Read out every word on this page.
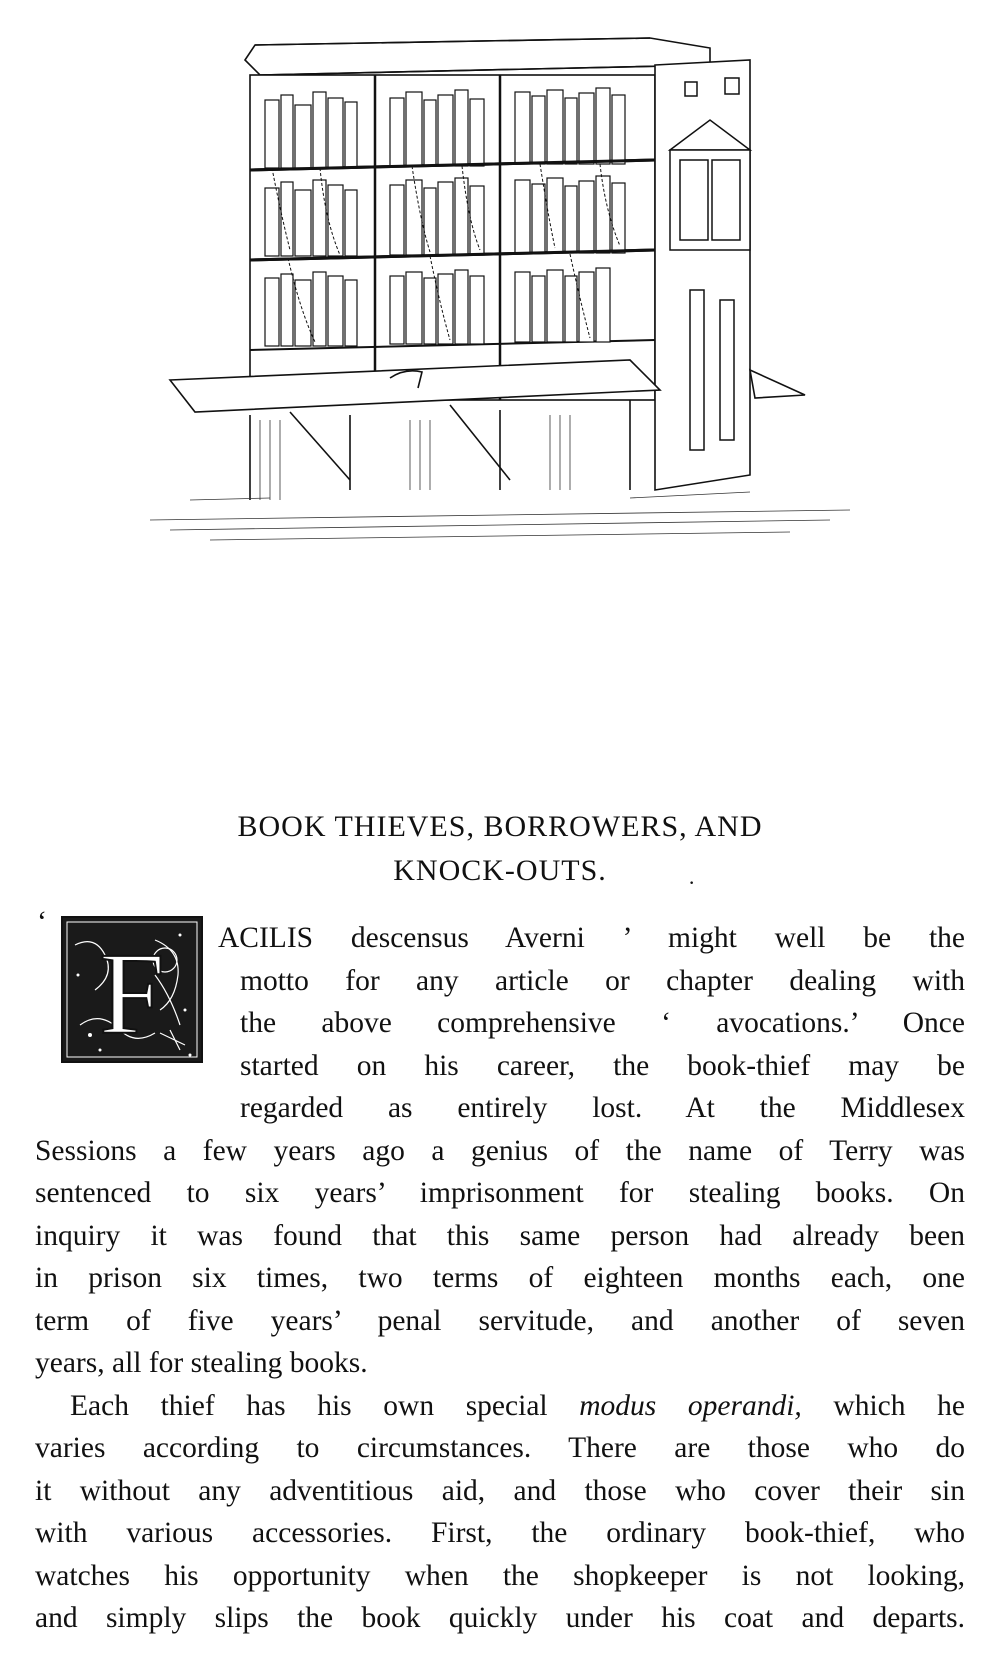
BOOK THIEVES, BORROWERS, AND
KNOCK-OUTS.	·
‘
F	ACILIS descensus Averni ’ might well be the
motto for any article or chapter dealing with
the above comprehensive ‘ avocations.’ Once
started on his career, the book-thief may be
regarded as entirely lost. At the Middlesex
Sessions a few years ago a genius of the name of Terry was
sentenced to six years’ imprisonment for stealing books. On
inquiry it was found that this same person had already been
in prison six times, two terms of eighteen months each, one
term of five years’ penal servitude, and another of seven
years, all for stealing books.
Each thief has his own special modus operandi, which he
varies according to circumstances. There are those who do
it without any adventitious aid, and those who cover their sin
with various accessories. First, the ordinary book-thief, who
watches his opportunity when the shopkeeper is not looking,
and simply slips the book quickly under his coat and departs.
